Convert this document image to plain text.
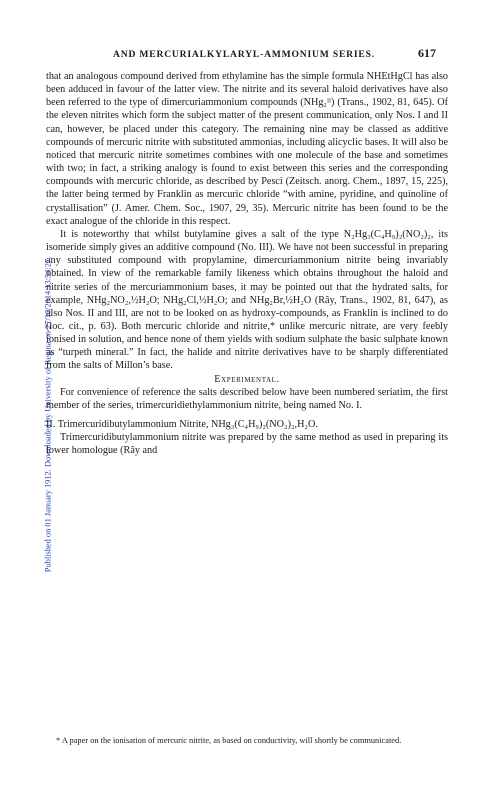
AND MERCURIALKYLARYL-AMMONIUM SERIES.	617
Published on 01 January 1912. Downloaded by University of Regina on 27/10/2014 13:54:27.

that an analogous compound derived from ethylamine has the simple formula NHEtHgCl has also been adduced in favour of the latter view. The nitrite and its several haloid derivatives have also been referred to the type of dimercuriammonium compounds (NHg₂ᴵᴵ) (Trans., 1902, 81, 645). Of the eleven nitrites which form the subject matter of the present communication, only Nos. I and II can, however, be placed under this category. The remaining nine may be classed as additive compounds of mercuric nitrite with substituted ammonias, including alicyclic bases. It will also be noticed that mercuric nitrite sometimes combines with one molecule of the base and sometimes with two; in fact, a striking analogy is found to exist between this series and the corresponding compounds with mercuric chloride, as described by Pesci (Zeitsch. anorg. Chem., 1897, 15, 225), the latter being termed by Franklin as mercuric chloride “with amine, pyridine, and quinoline of crystallisation” (J. Amer. Chem. Soc., 1907, 29, 35). Mercuric nitrite has been found to be the exact analogue of the chloride in this respect.

It is noteworthy that whilst butylamine gives a salt of the type N₂Hg₃(C₄H₉)₂(NO₂)₂, its isomeride simply gives an additive compound (No. III). We have not been successful in preparing any substituted compound with propylamine, dimercuriammonium nitrite being invariably obtained. In view of the remarkable family likeness which obtains throughout the haloid and nitrite series of the mercuriammonium bases, it may be pointed out that the hydrated salts, for example, NHg₂NO₂,½H₂O; NHg₂Cl,½H₂O; and NHg₂Br,½H₂O (Rây, Trans., 1902, 81, 647), as also Nos. II and III, are not to be looked on as hydroxy-compounds, as Franklin is inclined to do (loc. cit., p. 63). Both mercuric chloride and nitrite,* unlike mercuric nitrate, are very feebly ionised in solution, and hence none of them yields with sodium sulphate the basic sulphate known as “turpeth mineral.” In fact, the halide and nitrite derivatives have to be sharply differentiated from the salts of Millon’s base.

Experimental.

For convenience of reference the salts described below have been numbered seriatim, the first member of the series, trimercuridiethylammonium nitrite, being named No. I.

II. Trimercuridibutylammonium Nitrite, NHg₃(C₄H₉)₂(NO₂)₂,H₂O.

Trimercuridibutylammonium nitrite was prepared by the same method as used in preparing its lower homologue (Rây and

* A paper on the ionisation of mercuric nitrite, as based on conductivity, will shortly be communicated.
